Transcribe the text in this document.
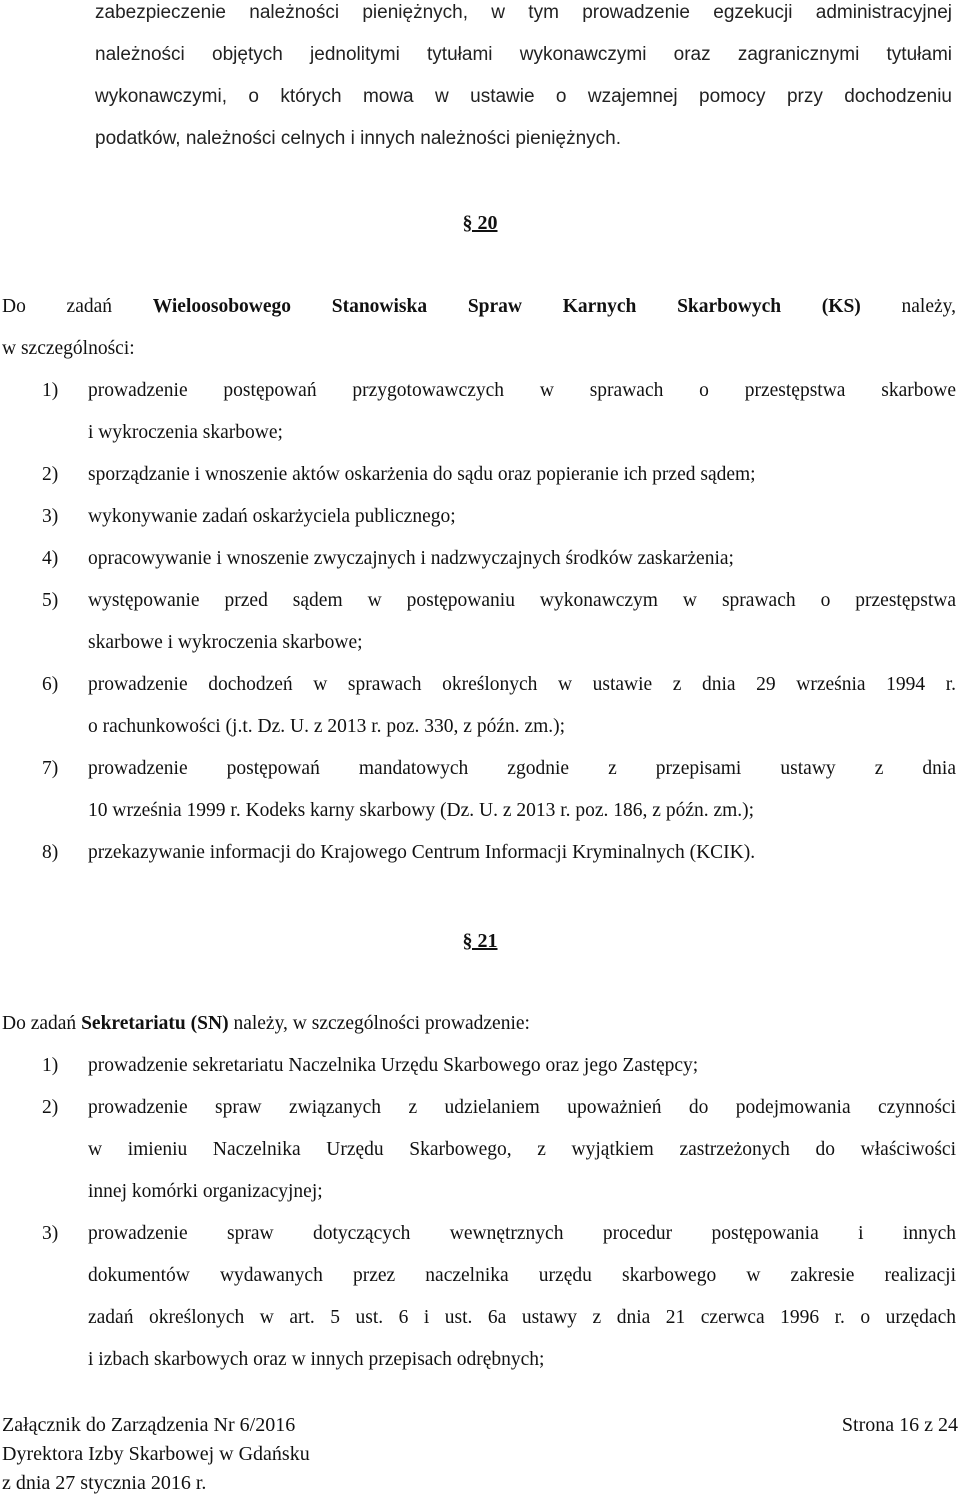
zabezpieczenie należności pieniężnych, w tym prowadzenie egzekucji administracyjnej
należności objętych jednolitymi tytułami wykonawczymi oraz zagranicznymi tytułami
wykonawczymi, o których mowa w ustawie o wzajemnej pomocy przy dochodzeniu
podatków, należności celnych i innych należności pieniężnych.
§ 20
Do zadań Wieloosobowego Stanowiska Spraw Karnych Skarbowych (KS) należy,
w szczególności:
1) prowadzenie postępowań przygotowawczych w sprawach o przestępstwa skarbowe
i wykroczenia skarbowe;
2) sporządzanie i wnoszenie aktów oskarżenia do sądu oraz popieranie ich przed sądem;
3) wykonywanie zadań oskarżyciela publicznego;
4) opracowywanie i wnoszenie zwyczajnych i nadzwyczajnych środków zaskarżenia;
5) występowanie przed sądem w postępowaniu wykonawczym w sprawach o przestępstwa
skarbowe i wykroczenia skarbowe;
6) prowadzenie dochodzeń w sprawach określonych w ustawie z dnia 29 września 1994 r.
o rachunkowości (j.t. Dz. U. z 2013 r. poz. 330, z późn. zm.);
7) prowadzenie postępowań mandatowych zgodnie z przepisami ustawy z dnia
10 września 1999 r. Kodeks karny skarbowy (Dz. U. z 2013 r. poz. 186, z późn. zm.);
8) przekazywanie informacji do Krajowego Centrum Informacji Kryminalnych (KCIK).
§ 21
Do zadań Sekretariatu (SN) należy, w szczególności prowadzenie:
1) prowadzenie sekretariatu Naczelnika Urzędu Skarbowego oraz jego Zastępcy;
2) prowadzenie spraw związanych z udzielaniem upoważnień do podejmowania czynności
w imieniu Naczelnika Urzędu Skarbowego, z wyjątkiem zastrzeżonych do właściwości
innej komórki organizacyjnej;
3) prowadzenie spraw dotyczących wewnętrznych procedur postępowania i innych
dokumentów wydawanych przez naczelnika urzędu skarbowego w zakresie realizacji
zadań określonych w art. 5 ust. 6 i ust. 6a ustawy z dnia 21 czerwca 1996 r. o urzędach
i izbach skarbowych oraz w innych przepisach odrębnych;
Załącznik do Zarządzenia Nr 6/2016	Strona 16 z 24
Dyrektora Izby Skarbowej w Gdańsku
z dnia 27 stycznia 2016 r.
